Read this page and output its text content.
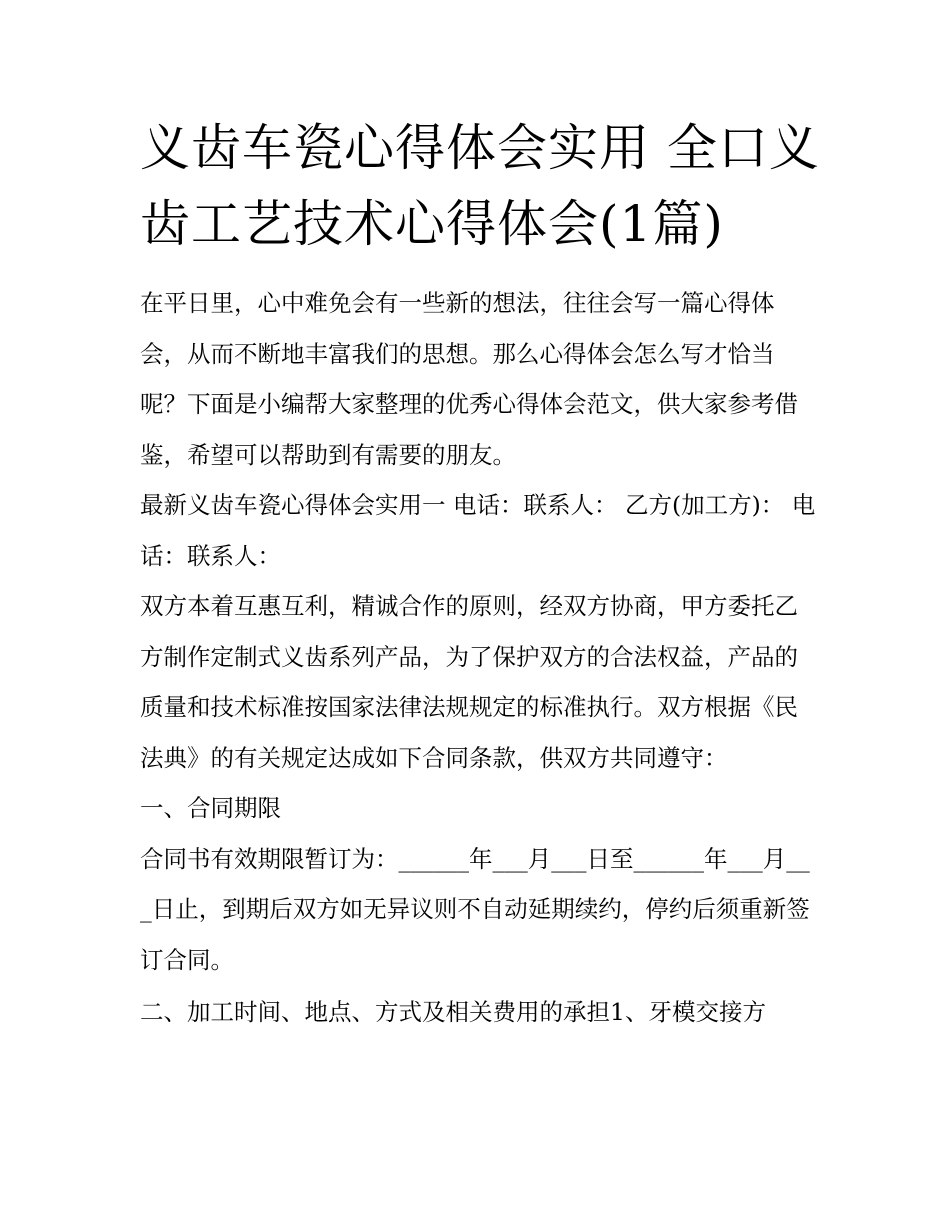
义齿车瓷心得体会实用 全口义齿工艺技术心得体会(1篇)

在平日里，心中难免会有一些新的想法，往往会写一篇心得体会，从而不断地丰富我们的思想。那么心得体会怎么写才恰当呢？下面是小编帮大家整理的优秀心得体会范文，供大家参考借鉴，希望可以帮助到有需要的朋友。

最新义齿车瓷心得体会实用一 电话：联系人： 乙方(加工方)： 电话：联系人：

双方本着互惠互利，精诚合作的原则，经双方协商，甲方委托乙方制作定制式义齿系列产品，为了保护双方的合法权益，产品的质量和技术标准按国家法律法规规定的标准执行。双方根据《民法典》的有关规定达成如下合同条款，供双方共同遵守：

一、合同期限

合同书有效期限暂订为：______年___月___日至______年___月___日止，到期后双方如无异议则不自动延期续约，停约后须重新签订合同。

二、加工时间、地点、方式及相关费用的承担1、牙模交接方
